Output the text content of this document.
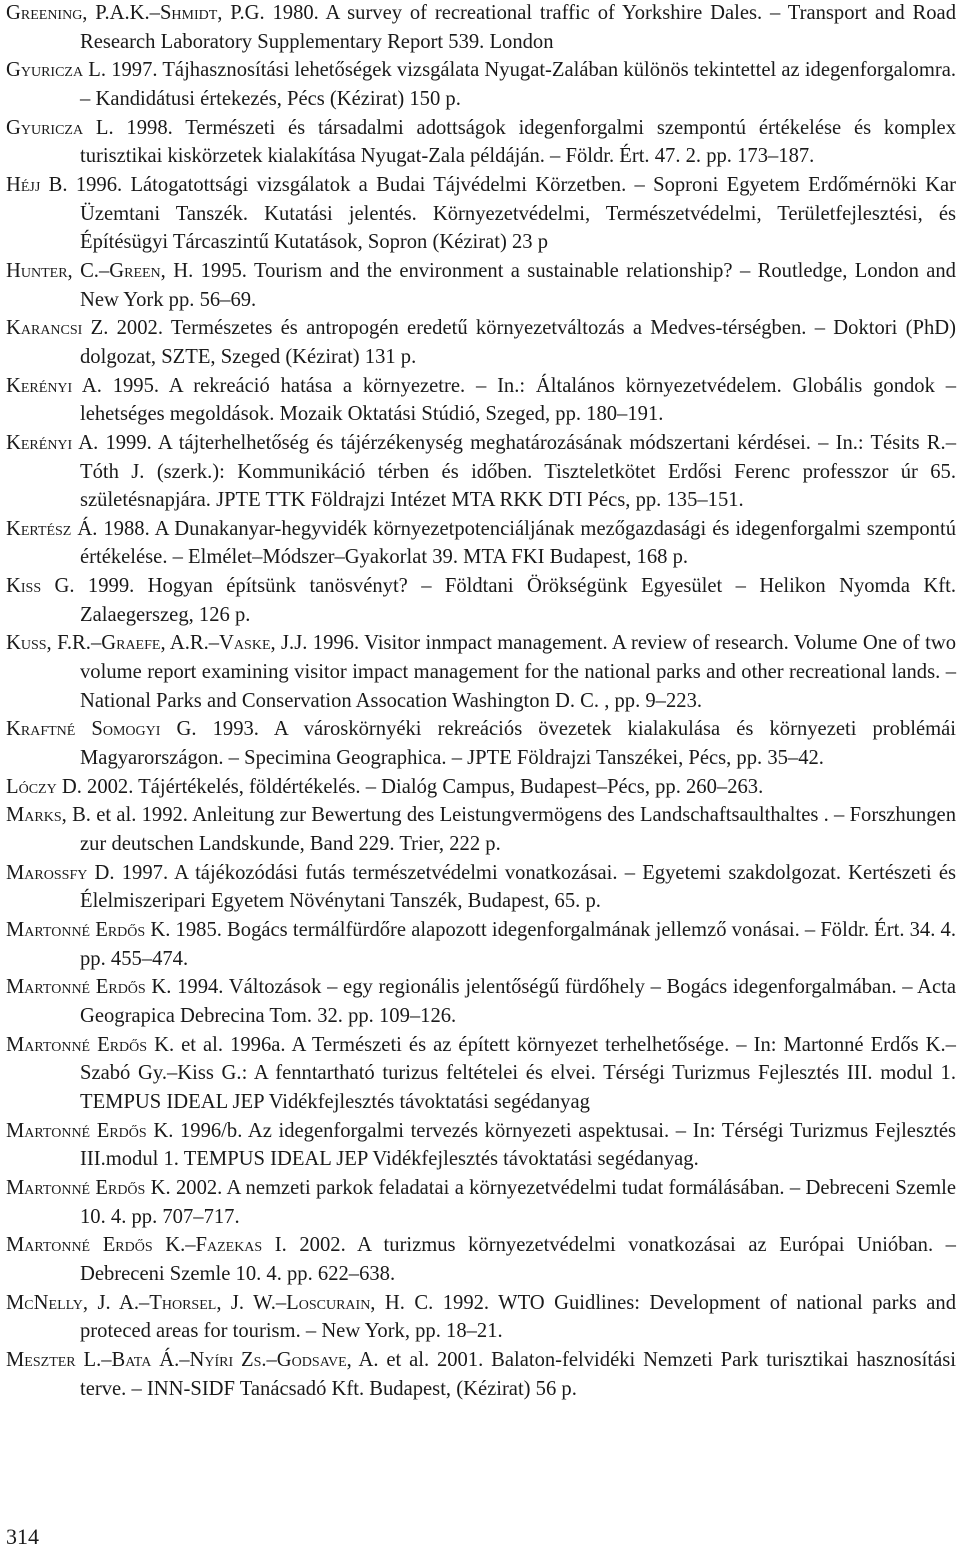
Greening, P.A.K.–Shmidt, P.G. 1980. A survey of recreational traffic of Yorkshire Dales. – Transport and Road Research Laboratory Supplementary Report 539. London
Gyuricza L. 1997. Tájhasznosítási lehetőségek vizsgálata Nyugat-Zalában különös tekintettel az idegenforgalomra. – Kandidátusi értekezés, Pécs (Kézirat) 150 p.
Gyuricza L. 1998. Természeti és társadalmi adottságok idegenforgalmi szempontú értékelése és komplex turisztikai kiskörzetek kialakítása Nyugat-Zala példáján. – Földr. Ért. 47. 2. pp. 173–187.
Héjj B. 1996. Látogatottsági vizsgálatok a Budai Tájvédelmi Körzetben. – Soproni Egyetem Erdőmérnöki Kar Üzemtani Tanszék. Kutatási jelentés. Környezetvédelmi, Természetvédelmi, Területfejlesztési, és Építésügyi Tárcaszintű Kutatások, Sopron (Kézirat) 23 p
Hunter, C.–Green, H. 1995. Tourism and the environment a sustainable relationship? – Routledge, London and New York pp. 56–69.
Karancsi Z. 2002. Természetes és antropogén eredetű környezetváltozás a Medves-térségben. – Doktori (PhD) dolgozat, SZTE, Szeged (Kézirat) 131 p.
Kerényi A. 1995. A rekreáció hatása a környezetre. – In.: Általános környezetvédelem. Globális gondok – lehetséges megoldások. Mozaik Oktatási Stúdió, Szeged, pp. 180–191.
Kerényi A. 1999. A tájterhelhetőség és tájérzékenység meghatározásának módszertani kérdései. – In.: Tésits R.–Tóth J. (szerk.): Kommunikáció térben és időben. Tiszteletkötet Erdősi Ferenc professzor úr 65. születésnapjára. JPTE TTK Földrajzi Intézet MTA RKK DTI Pécs, pp. 135–151.
Kertész Á. 1988. A Dunakanyar-hegyvidék környezetpotenciáljának mezőgazdasági és idegenforgalmi szempontú értékelése. – Elmélet–Módszer–Gyakorlat 39. MTA FKI Budapest, 168 p.
Kiss G. 1999. Hogyan építsünk tanösvényt? – Földtani Örökségünk Egyesület – Helikon Nyomda Kft. Zalaegerszeg, 126 p.
Kuss, F.R.–Graefe, A.R.–Vaske, J.J. 1996. Visitor inmpact management. A review of research. Volume One of two volume report examining visitor impact management for the national parks and other recreational lands. – National Parks and Conservation Assocation Washington D. C. , pp. 9–223.
Kraftné Somogyi G. 1993. A városkörnyéki rekreációs övezetek kialakulása és környezeti problémái Magyarországon. – Specimina Geographica. – JPTE Földrajzi Tanszékei, Pécs, pp. 35–42.
Lóczy D. 2002. Tájértékelés, földértékelés. – Dialóg Campus, Budapest–Pécs, pp. 260–263.
Marks, B. et al. 1992. Anleitung zur Bewertung des Leistungvermögens des Landschaftsaulthaltes . – Forszhungen zur deutschen Landskunde, Band 229. Trier, 222 p.
Marossfy D. 1997. A tájékozódási futás természetvédelmi vonatkozásai. – Egyetemi szakdolgozat. Kertészeti és Élelmiszeripari Egyetem Növénytani Tanszék, Budapest, 65. p.
Martonné Erdős K. 1985. Bogács termálfürdőre alapozott idegenforgalmának jellemző vonásai. – Földr. Ért. 34. 4. pp. 455–474.
Martonné Erdős K. 1994. Változások – egy regionális jelentőségű fürdőhely – Bogács idegenforgalmában. – Acta Geograpica Debrecina Tom. 32. pp. 109–126.
Martonné Erdős K. et al. 1996a. A Természeti és az épített környezet terhelhetősége. – In: Martonné Erdős K.–Szabó Gy.–Kiss G.: A fenntartható turizus feltételei és elvei. Térségi Turizmus Fejlesztés III. modul 1. TEMPUS IDEAL JEP Vidékfejlesztés távoktatási segédanyag
Martonné Erdős K. 1996/b. Az idegenforgalmi tervezés környezeti aspektusai. – In: Térségi Turizmus Fejlesztés III.modul 1. TEMPUS IDEAL JEP Vidékfejlesztés távoktatási segédanyag.
Martonné Erdős K. 2002. A nemzeti parkok feladatai a környezetvédelmi tudat formálásában. – Debreceni Szemle 10. 4. pp. 707–717.
Martonné Erdős K.–Fazekas I. 2002. A turizmus környezetvédelmi vonatkozásai az Európai Unióban. – Debreceni Szemle 10. 4. pp. 622–638.
McNelly, J. A.–Thorsel, J. W.–Loscurain, H. C. 1992. WTO Guidlines: Development of national parks and proteced areas for tourism. – New York, pp. 18–21.
Meszter L.–Bata Á.–Nyíri Zs.–Godsave, A. et al. 2001. Balaton-felvidéki Nemzeti Park turisztikai hasznosítási terve. – INN-SIDF Tanácsadó Kft. Budapest, (Kézirat) 56 p.
314
